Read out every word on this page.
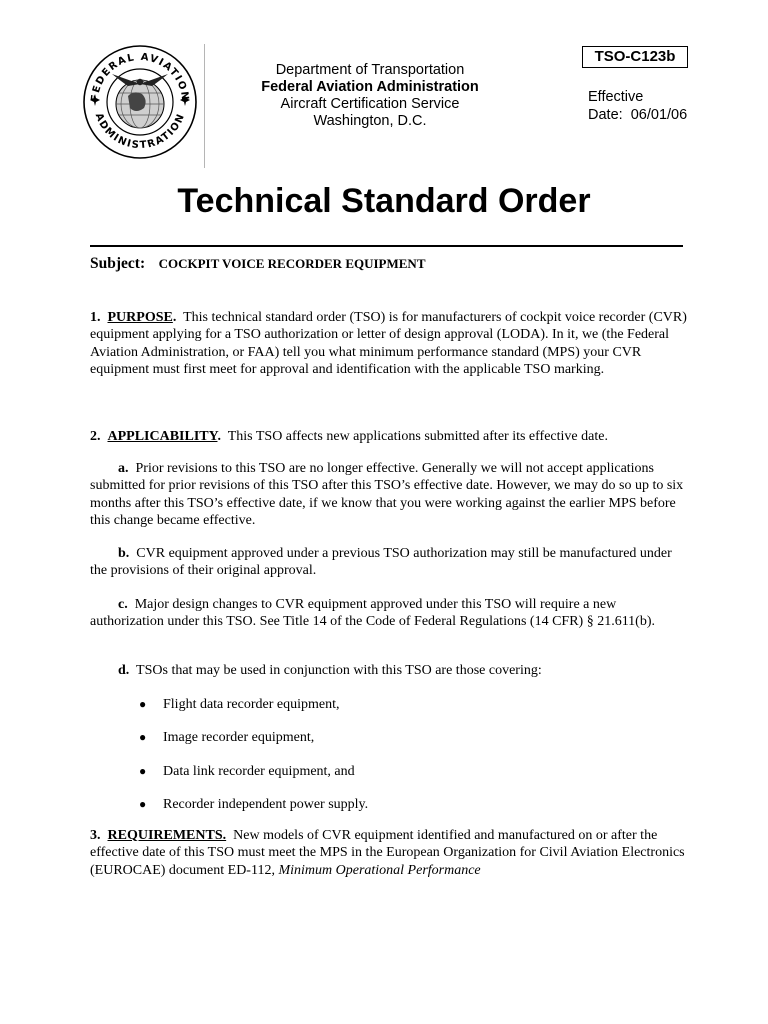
FEDERAL AVIATION
ADMINISTRATION
Department of Transportation
Federal Aviation Administration
Aircraft Certification Service
Washington, D.C.
TSO-C123b
Effective
Date: 06/01/06
Technical Standard Order
Subject: COCKPIT VOICE RECORDER EQUIPMENT

1. PURPOSE. This technical standard order (TSO) is for manufacturers of cockpit voice recorder (CVR) equipment applying for a TSO authorization or letter of design approval (LODA). In it, we (the Federal Aviation Administration, or FAA) tell you what minimum performance standard (MPS) your CVR equipment must first meet for approval and identification with the applicable TSO marking.

2. APPLICABILITY. This TSO affects new applications submitted after its effective date.

a. Prior revisions to this TSO are no longer effective. Generally we will not accept applications submitted for prior revisions of this TSO after this TSO’s effective date. However, we may do so up to six months after this TSO’s effective date, if we know that you were working against the earlier MPS before this change became effective.

b. CVR equipment approved under a previous TSO authorization may still be manufactured under the provisions of their original approval.

c. Major design changes to CVR equipment approved under this TSO will require a new authorization under this TSO. See Title 14 of the Code of Federal Regulations (14 CFR) § 21.611(b).

d. TSOs that may be used in conjunction with this TSO are those covering:

● Flight data recorder equipment,
● Image recorder equipment,
● Data link recorder equipment, and
● Recorder independent power supply.

3. REQUIREMENTS. New models of CVR equipment identified and manufactured on or after the effective date of this TSO must meet the MPS in the European Organization for Civil Aviation Electronics (EUROCAE) document ED-112, Minimum Operational Performance
